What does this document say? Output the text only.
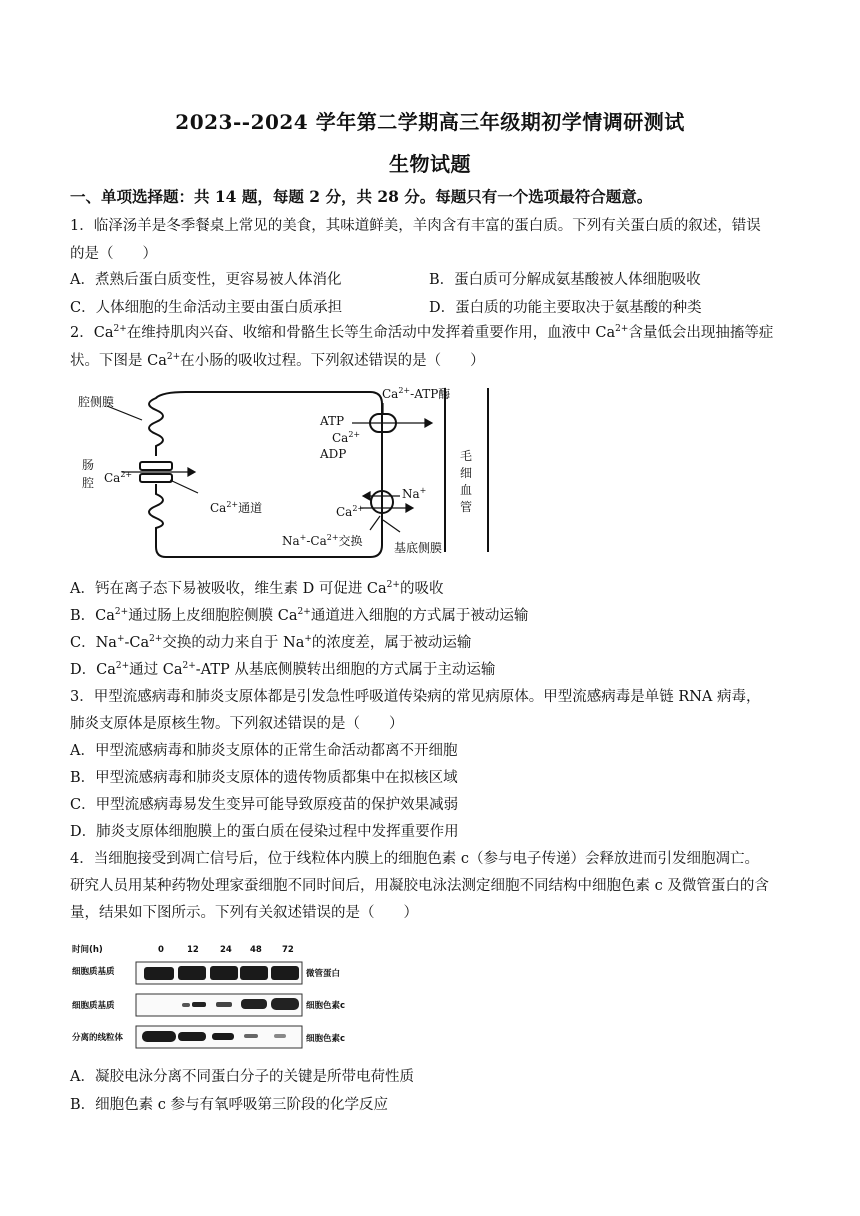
2023--2024 学年第二学期高三年级期初学情调研测试
生物试题
一、单项选择题：共 14 题，每题 2 分，共 28 分。每题只有一个选项最符合题意。
1．临泽汤羊是冬季餐桌上常见的美食，其味道鲜美，羊肉含有丰富的蛋白质。下列有关蛋白质的叙述，错误
的是（　　）
A．煮熟后蛋白质变性，更容易被人体消化	B．蛋白质可分解成氨基酸被人体细胞吸收
C．人体细胞的生命活动主要由蛋白质承担	D．蛋白质的功能主要取决于氨基酸的种类
2．$Ca^{2+}$在维持肌肉兴奋、收缩和骨骼生长等生命活动中发挥着重要作用，血液中 $Ca^{2+}$含量低会出现抽搐等症
状。下图是 $Ca^{2+}$在小肠的吸收过程。下列叙述错误的是（　　）
腔侧膜
肠
腔 $Ca^{2+}$
$Ca^{2+}$通道
ATP
$Ca^{2+}$
ADP
$Ca^{2+}$-ATP酶
Na+
$Ca^{2+}$
$Na^+-Ca^{2+}$交换	基底侧膜
毛
细
血
管
A．钙在离子态下易被吸收，维生素 D 可促进 $Ca^{2+}$的吸收
B．$Ca^{2+}$通过肠上皮细胞腔侧膜 $Ca^{2+}$通道进入细胞的方式属于被动运输
C．$Na^+-Ca^{2+}$交换的动力来自于 Na+的浓度差，属于被动运输
D．$Ca^{2+}$通过 $Ca^{2+}$-ATP 从基底侧膜转出细胞的方式属于主动运输
3．甲型流感病毒和肺炎支原体都是引发急性呼吸道传染病的常见病原体。甲型流感病毒是单链 RNA 病毒，
肺炎支原体是原核生物。下列叙述错误的是（　　）
A．甲型流感病毒和肺炎支原体的正常生命活动都离不开细胞
B．甲型流感病毒和肺炎支原体的遗传物质都集中在拟核区域
C．甲型流感病毒易发生变异可能导致原疫苗的保护效果减弱
D．肺炎支原体细胞膜上的蛋白质在侵染过程中发挥重要作用
4．当细胞接受到凋亡信号后，位于线粒体内膜上的细胞色素 c（参与电子传递）会释放进而引发细胞凋亡。
研究人员用某种药物处理家蚕细胞不同时间后，用凝胶电泳法测定细胞不同结构中细胞色素 c 及微管蛋白的含
量，结果如下图所示。下列有关叙述错误的是（　　）
时间(h)	0	12 24 48 72
细胞质基质	微管蛋白
细胞质基质	细胞色素c
分离的线粒体	细胞色素c
A．凝胶电泳分离不同蛋白分子的关键是所带电荷性质
B．细胞色素 c 参与有氧呼吸第三阶段的化学反应
